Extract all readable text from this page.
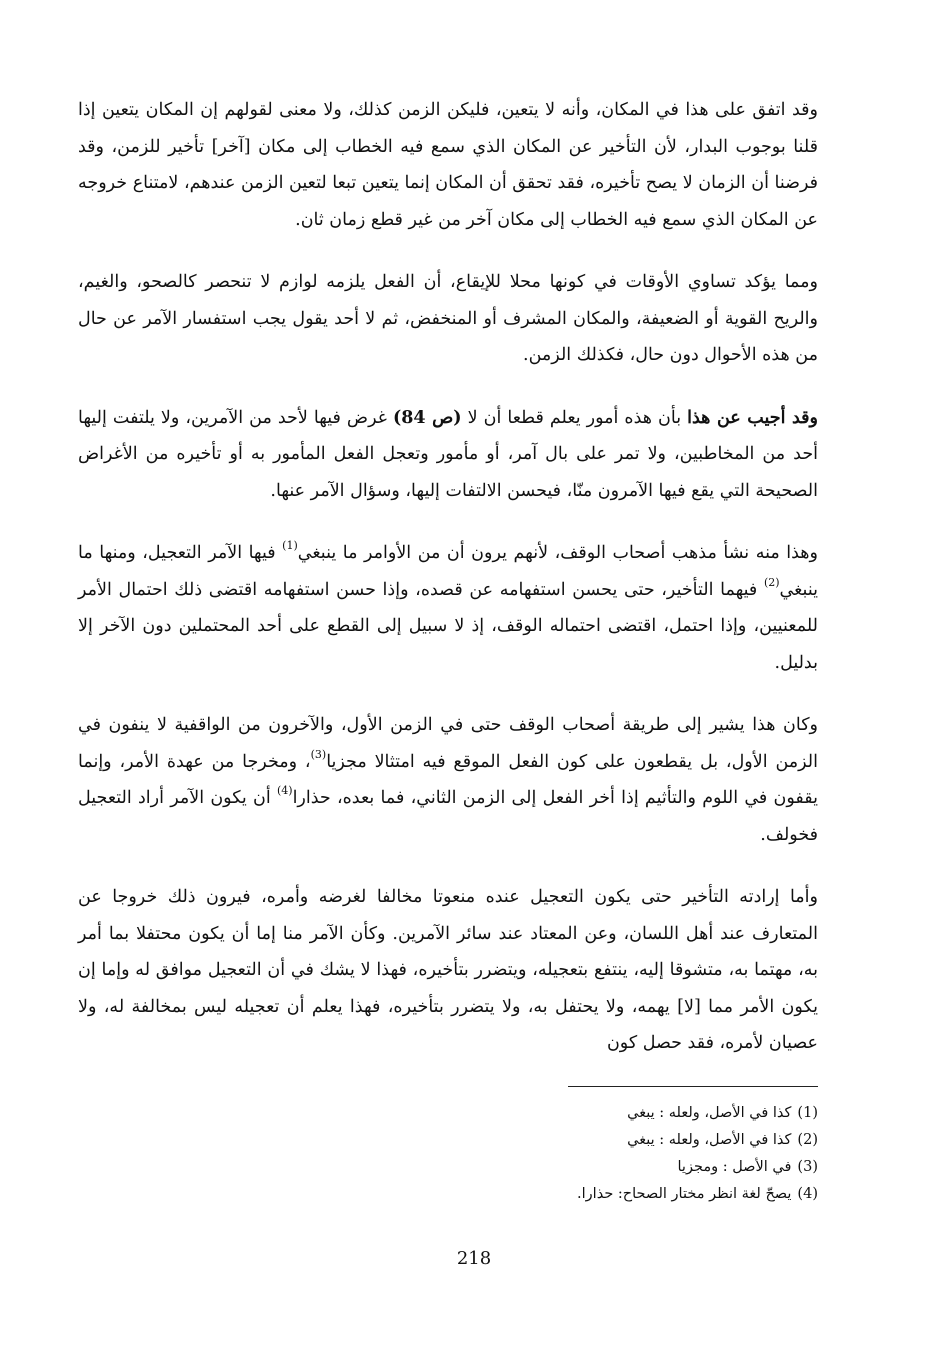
وقد اتفق على هذا في المكان، وأنه لا يتعين، فليكن الزمن كذلك، ولا معنى لقولهم إن المكان يتعين إذا قلنا بوجوب البدار، لأن التأخير عن المكان الذي سمع فيه الخطاب إلى مكان [آخر] تأخير للزمن، وقد فرضنا أن الزمان لا يصح تأخيره، فقد تحقق أن المكان إنما يتعين تبعا لتعين الزمن عندهم، لامتناع خروجه عن المكان الذي سمع فيه الخطاب إلى مكان آخر من غير قطع زمان ثان.

ومما يؤكد تساوي الأوقات في كونها محلا للإيقاع، أن الفعل يلزمه لوازم لا تنحصر كالصحو، والغيم، والريح القوية أو الضعيفة، والمكان المشرف أو المنخفض، ثم لا أحد يقول يجب استفسار الآمر عن حال من هذه الأحوال دون حال، فكذلك الزمن.

وقد أجيب عن هذا بأن هذه أمور يعلم قطعا أن لا (ص 84) غرض فيها لأحد من الآمرين، ولا يلتفت إليها أحد من المخاطبين، ولا تمر على بال آمر، أو مأمور وتعجل الفعل المأمور به أو تأخيره من الأغراض الصحيحة التي يقع فيها الآمرون منّا، فيحسن الالتفات إليها، وسؤال الآمر عنها.

وهذا منه نشأ مذهب أصحاب الوقف، لأنهم يرون أن من الأوامر ما ينبغي$^{(1)}$ فيها الآمر التعجيل، ومنها ما ينبغي$^{(2)}$ فيهما التأخير، حتى يحسن استفهامه عن قصده، وإذا حسن استفهامه اقتضى ذلك احتمال الأمر للمعنيين، وإذا احتمل، اقتضى احتماله الوقف، إذ لا سبيل إلى القطع على أحد المحتملين دون الآخر إلا بدليل.

وكان هذا يشير إلى طريقة أصحاب الوقف حتى في الزمن الأول، والآخرون من الواقفية لا ينفون في الزمن الأول، بل يقطعون على كون الفعل الموقع فيه امتثالا مجزيا$^{(3)}$، ومخرجا من عهدة الأمر، وإنما يقفون في اللوم والتأثيم إذا أخر الفعل إلى الزمن الثاني، فما بعده، حذارا$^{(4)}$ أن يكون الآمر أراد التعجيل فخولف.

وأما إرادته التأخير حتى يكون التعجيل عنده منعوتا مخالفا لغرضه وأمره، فيرون ذلك خروجا عن المتعارف عند أهل اللسان، وعن المعتاد عند سائر الآمرين. وكأن الآمر منا إما أن يكون محتفلا بما أمر به، مهتما به، متشوقا إليه، ينتفع بتعجيله، ويتضرر بتأخيره، فهذا لا يشك في أن التعجيل موافق له وإما إن يكون الأمر مما [لا] يهمه، ولا يحتفل به، ولا يتضرر بتأخيره، فهذا يعلم أن تعجيله ليس بمخالفة له، ولا عصيان لأمره، فقد حصل كون

(1)كذا في الأصل، ولعله : يبغي

(2)كذا في الأصل، ولعله : يبغي

(3)في الأصل : ومجزيا

(4)يصحّ لغة انظر مختار الصحاح: حذارا.

218
